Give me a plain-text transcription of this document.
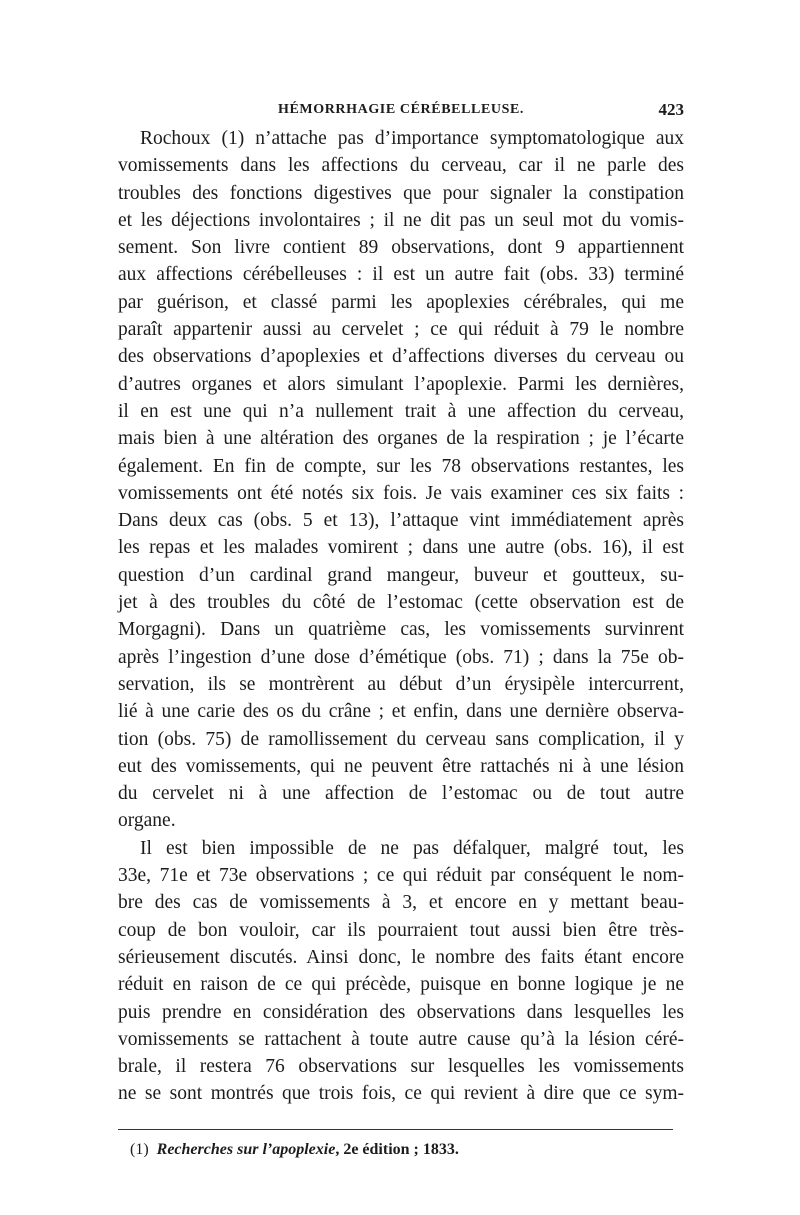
HÉMORRHAGIE CÉRÉBELLEUSE.	423
Rochoux (1) n’attache pas d’importance symptomatologique aux
vomissements dans les affections du cerveau, car il ne parle des
troubles des fonctions digestives que pour signaler la constipation
et les déjections involontaires ; il ne dit pas un seul mot du vomis-
sement. Son livre contient 89 observations, dont 9 appartiennent
aux affections cérébelleuses : il est un autre fait (obs. 33) terminé
par guérison, et classé parmi les apoplexies cérébrales, qui me
paraît appartenir aussi au cervelet ; ce qui réduit à 79 le nombre
des observations d’apoplexies et d’affections diverses du cerveau ou
d’autres organes et alors simulant l’apoplexie. Parmi les dernières,
il en est une qui n’a nullement trait à une affection du cerveau,
mais bien à une altération des organes de la respiration ; je l’écarte
également. En fin de compte, sur les 78 observations restantes, les
vomissements ont été notés six fois. Je vais examiner ces six faits :
Dans deux cas (obs. 5 et 13), l’attaque vint immédiatement après
les repas et les malades vomirent ; dans une autre (obs. 16), il est
question d’un cardinal grand mangeur, buveur et goutteux, su-
jet à des troubles du côté de l’estomac (cette observation est de
Morgagni). Dans un quatrième cas, les vomissements survinrent
après l’ingestion d’une dose d’émétique (obs. 71) ; dans la 75e ob-
servation, ils se montrèrent au début d’un érysipèle intercurrent,
lié à une carie des os du crâne ; et enfin, dans une dernière observa-
tion (obs. 75) de ramollissement du cerveau sans complication, il y
eut des vomissements, qui ne peuvent être rattachés ni à une lésion
du cervelet ni à une affection de l’estomac ou de tout autre
organe.
Il est bien impossible de ne pas défalquer, malgré tout, les
33e, 71e et 73e observations ; ce qui réduit par conséquent le nom-
bre des cas de vomissements à 3, et encore en y mettant beau-
coup de bon vouloir, car ils pourraient tout aussi bien être très-
sérieusement discutés. Ainsi donc, le nombre des faits étant encore
réduit en raison de ce qui précède, puisque en bonne logique je ne
puis prendre en considération des observations dans lesquelles les
vomissements se rattachent à toute autre cause qu’à la lésion céré-
brale, il restera 76 observations sur lesquelles les vomissements
ne se sont montrés que trois fois, ce qui revient à dire que ce sym-
(1) Recherches sur l’apoplexie, 2e édition ; 1833.
